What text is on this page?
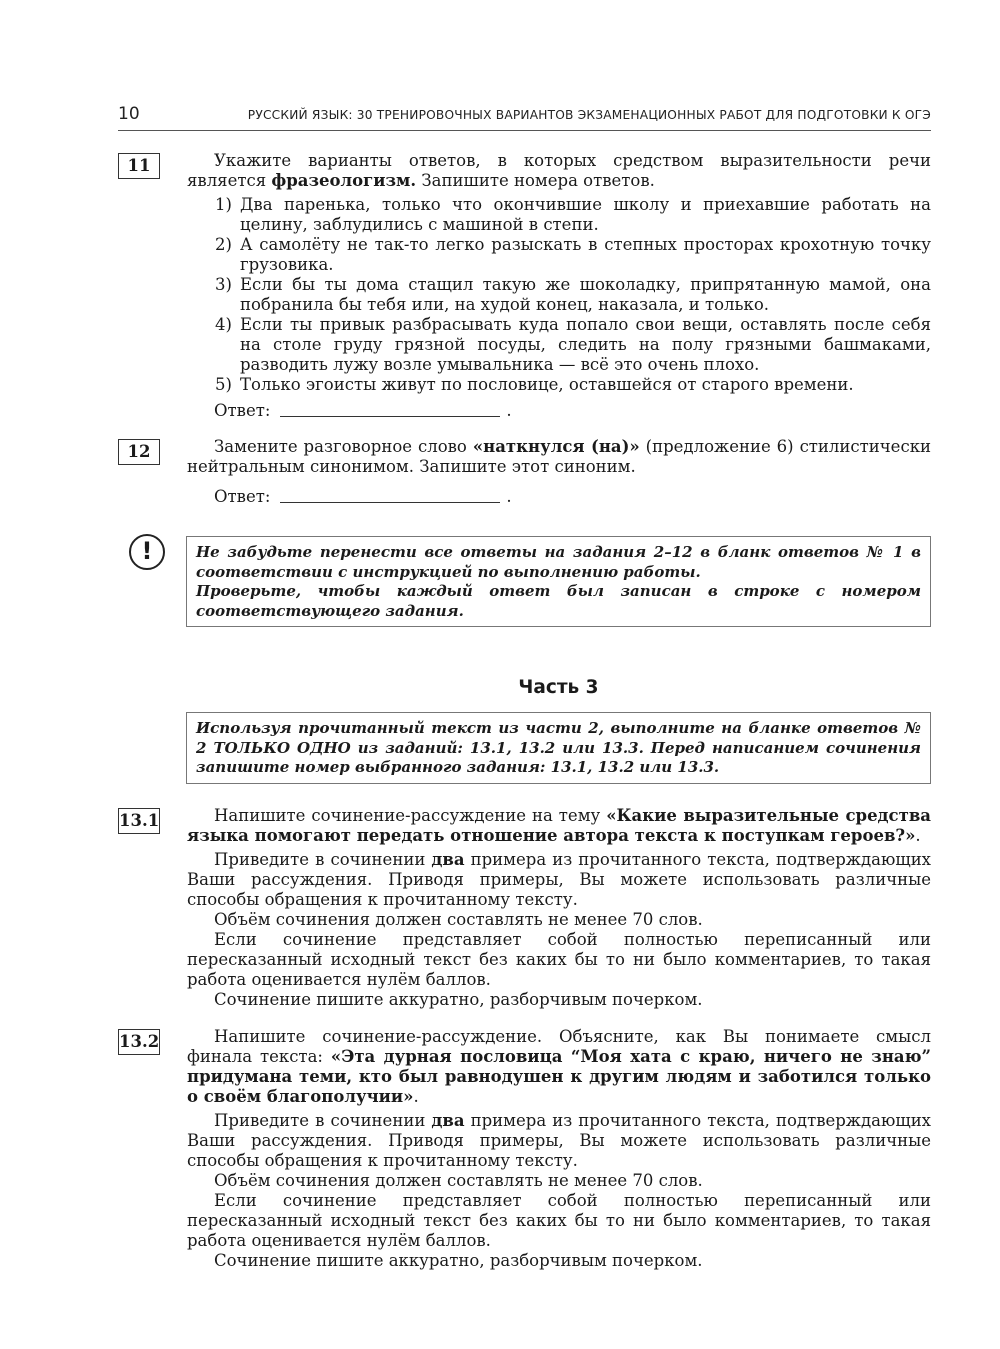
10	РУССКИЙ ЯЗЫК: 30 ТРЕНИРОВОЧНЫХ ВАРИАНТОВ ЭКЗАМЕНАЦИОННЫХ РАБОТ ДЛЯ ПОДГОТОВКИ К ОГЭ
11	Укажите варианты ответов, в которых средством выразительности речи является фразеологизм. Запишите номера ответов.

1) Два паренька, только что окончившие школу и приехавшие работать на целину, заблудились с машиной в степи.
2) А самолёту не так-то легко разыскать в степных просторах крохотную точку грузовика.
3) Если бы ты дома стащил такую же шоколадку, припрятанную мамой, она побранила бы тебя или, на худой конец, наказала, и только.
4) Если ты привык разбрасывать куда попало свои вещи, оставлять после себя на столе груду грязной посуды, следить на полу грязными башмаками, разводить лужу возле умывальника — всё это очень плохо.
5) Только эгоисты живут по пословице, оставшейся от старого времени.
Ответ:	.
12	Замените разговорное слово «наткнулся (на)» (предложение 6) стилистически нейтральным синонимом. Запишите этот синоним.

Ответ:	.
!	Не забудьте перенести все ответы на задания 2–12 в бланк ответов № 1 в соответствии с инструкцией по выполнению работы.

Проверьте, чтобы каждый ответ был записан в строке с номером соответствующего задания.

Часть 3

Используя прочитанный текст из части 2, выполните на бланке ответов № 2 ТОЛЬКО ОДНО из заданий: 13.1, 13.2 или 13.3. Перед написанием сочинения запишите номер выбранного задания: 13.1, 13.2 или 13.3.

13.1	Напишите сочинение-рассуждение на тему «Какие выразительные средства языка помогают передать отношение автора текста к поступкам героев?».

Приведите в сочинении два примера из прочитанного текста, подтверждающих Ваши рассуждения. Приводя примеры, Вы можете использовать различные способы обращения к прочитанному тексту.

Объём сочинения должен составлять не менее 70 слов.

Если сочинение представляет собой полностью переписанный или пересказанный исходный текст без каких бы то ни было комментариев, то такая работа оценивается нулём баллов.

Сочинение пишите аккуратно, разборчивым почерком.

13.2	Напишите сочинение-рассуждение. Объясните, как Вы понимаете смысл финала текста: «Эта дурная пословица “Моя хата с краю, ничего не знаю” придумана теми, кто был равнодушен к другим людям и заботился только о своём благополучии».

Приведите в сочинении два примера из прочитанного текста, подтверждающих Ваши рассуждения. Приводя примеры, Вы можете использовать различные способы обращения к прочитанному тексту.

Объём сочинения должен составлять не менее 70 слов.

Если сочинение представляет собой полностью переписанный или пересказанный исходный текст без каких бы то ни было комментариев, то такая работа оценивается нулём баллов.

Сочинение пишите аккуратно, разборчивым почерком.
